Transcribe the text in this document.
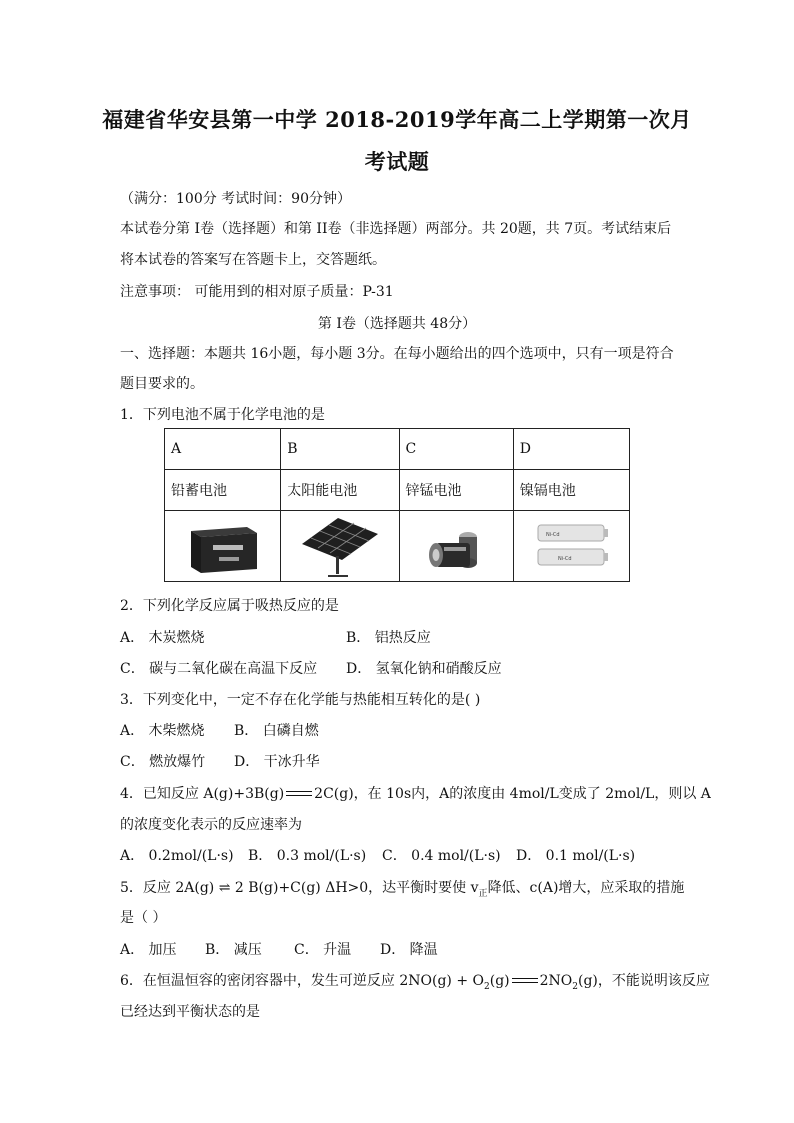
福建省华安县第一中学 2018-2019学年高二上学期第一次月
考试题
（满分：100分 考试时间：90分钟）
本试卷分第 I卷（选择题）和第 II卷（非选择题）两部分。共 20题，共 7页。考试结束后
将本试卷的答案写在答题卡上，交答题纸。
注意事项： 可能用到的相对原子质量：P-31
第 I卷（选择题共 48分）
一、选择题：本题共 16小题，每小题 3分。在每小题给出的四个选项中，只有一项是符合
题目要求的。
1．下列电池不属于化学电池的是
A	B	C	D
铅蓄电池	太阳能电池	锌锰电池	镍镉电池

Ni-Cd
Ni-Cd
2．下列化学反应属于吸热反应的是
A． 木炭燃烧	B． 铝热反应
C． 碳与二氧化碳在高温下反应 D． 氢氧化钠和硝酸反应
3．下列变化中，一定不存在化学能与热能相互转化的是( )
A． 木柴燃烧 B． 白磷自燃
C． 燃放爆竹 D． 干冰升华
4．已知反应 A(g)+3B(g) 2C(g)，在 10s内，A的浓度由 4mol/L变成了 2mol/L，则以 A
的浓度变化表示的反应速率为
A． 0.2mol/(L·s) B． 0.3 mol/(L·s) C． 0.4 mol/(L·s) D． 0.1 mol/(L·s)
5．反应 2A(g) ⇌ 2 B(g)+C(g) ΔH>0，达平衡时要使 $v_正$降低、c(A)增大，应采取的措施
是（ ）
A． 加压 B． 减压 C． 升温 D． 降温
6．在恒温恒容的密闭容器中，发生可逆反应 $2NO(g) + O_2(g)$ $2NO_2(g)$，不能说明该反应
已经达到平衡状态的是
